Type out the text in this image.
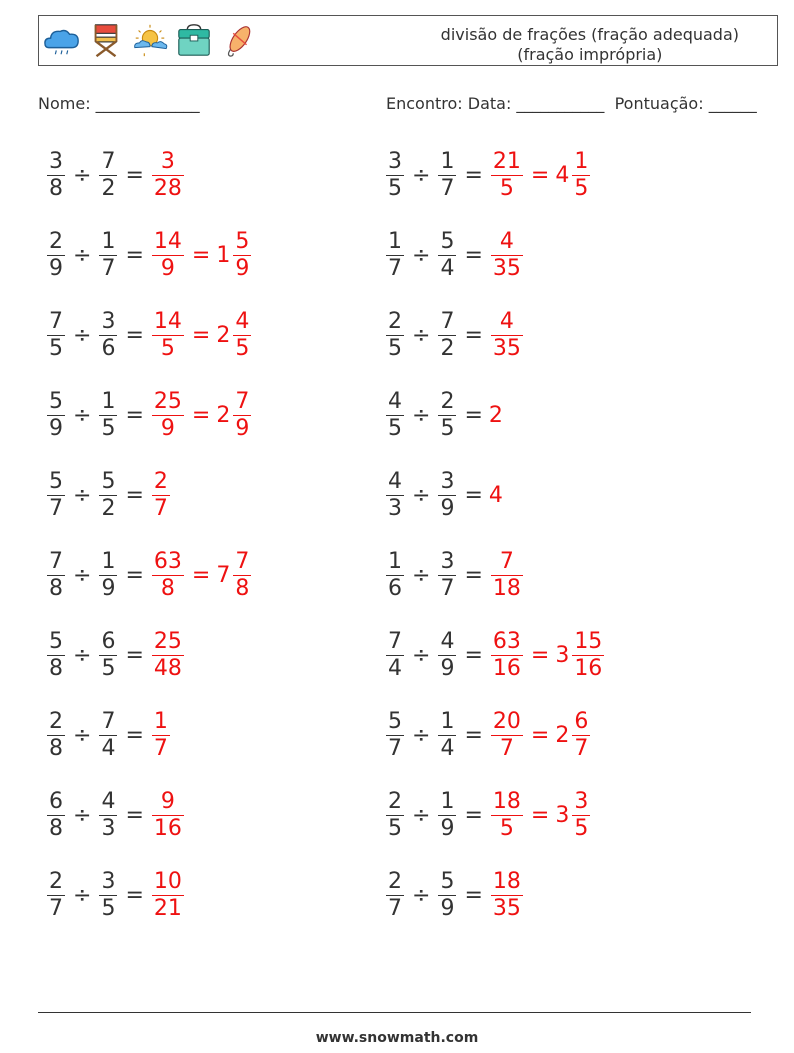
divisão de frações (fração adequada)
(fração imprópria)
Nome: _____________	Encontro: Data: ___________  Pontuação: ______
$\frac{3}{8} \div \frac{7}{2} = \frac{3}{28}$
$\frac{2}{9} \div \frac{1}{7} = \frac{14}{9} = 1 \frac{5}{9}$
$\frac{7}{5} \div \frac{3}{6} = \frac{14}{5} = 2 \frac{4}{5}$
$\frac{5}{9} \div \frac{1}{5} = \frac{25}{9} = 2 \frac{7}{9}$
$\frac{5}{7} \div \frac{5}{2} = \frac{2}{7}$
$\frac{7}{8} \div \frac{1}{9} = \frac{63}{8} = 7 \frac{7}{8}$
$\frac{5}{8} \div \frac{6}{5} = \frac{25}{48}$
$\frac{2}{8} \div \frac{7}{4} = \frac{1}{7}$
$\frac{6}{8} \div \frac{4}{3} = \frac{9}{16}$
$\frac{2}{7} \div \frac{3}{5} = \frac{10}{21}$
$\frac{3}{5} \div \frac{1}{7} = \frac{21}{5} = 4 \frac{1}{5}$
$\frac{1}{7} \div \frac{5}{4} = \frac{4}{35}$
$\frac{2}{5} \div \frac{7}{2} = \frac{4}{35}$
$\frac{4}{5} \div \frac{2}{5} = 2$
$\frac{4}{3} \div \frac{3}{9} = 4$
$\frac{1}{6} \div \frac{3}{7} = \frac{7}{18}$
$\frac{7}{4} \div \frac{4}{9} = \frac{63}{16} = 3 \frac{15}{16}$
$\frac{5}{7} \div \frac{1}{4} = \frac{20}{7} = 2 \frac{6}{7}$
$\frac{2}{5} \div \frac{1}{9} = \frac{18}{5} = 3 \frac{3}{5}$
$\frac{2}{7} \div \frac{5}{9} = \frac{18}{35}$
www.snowmath.com
